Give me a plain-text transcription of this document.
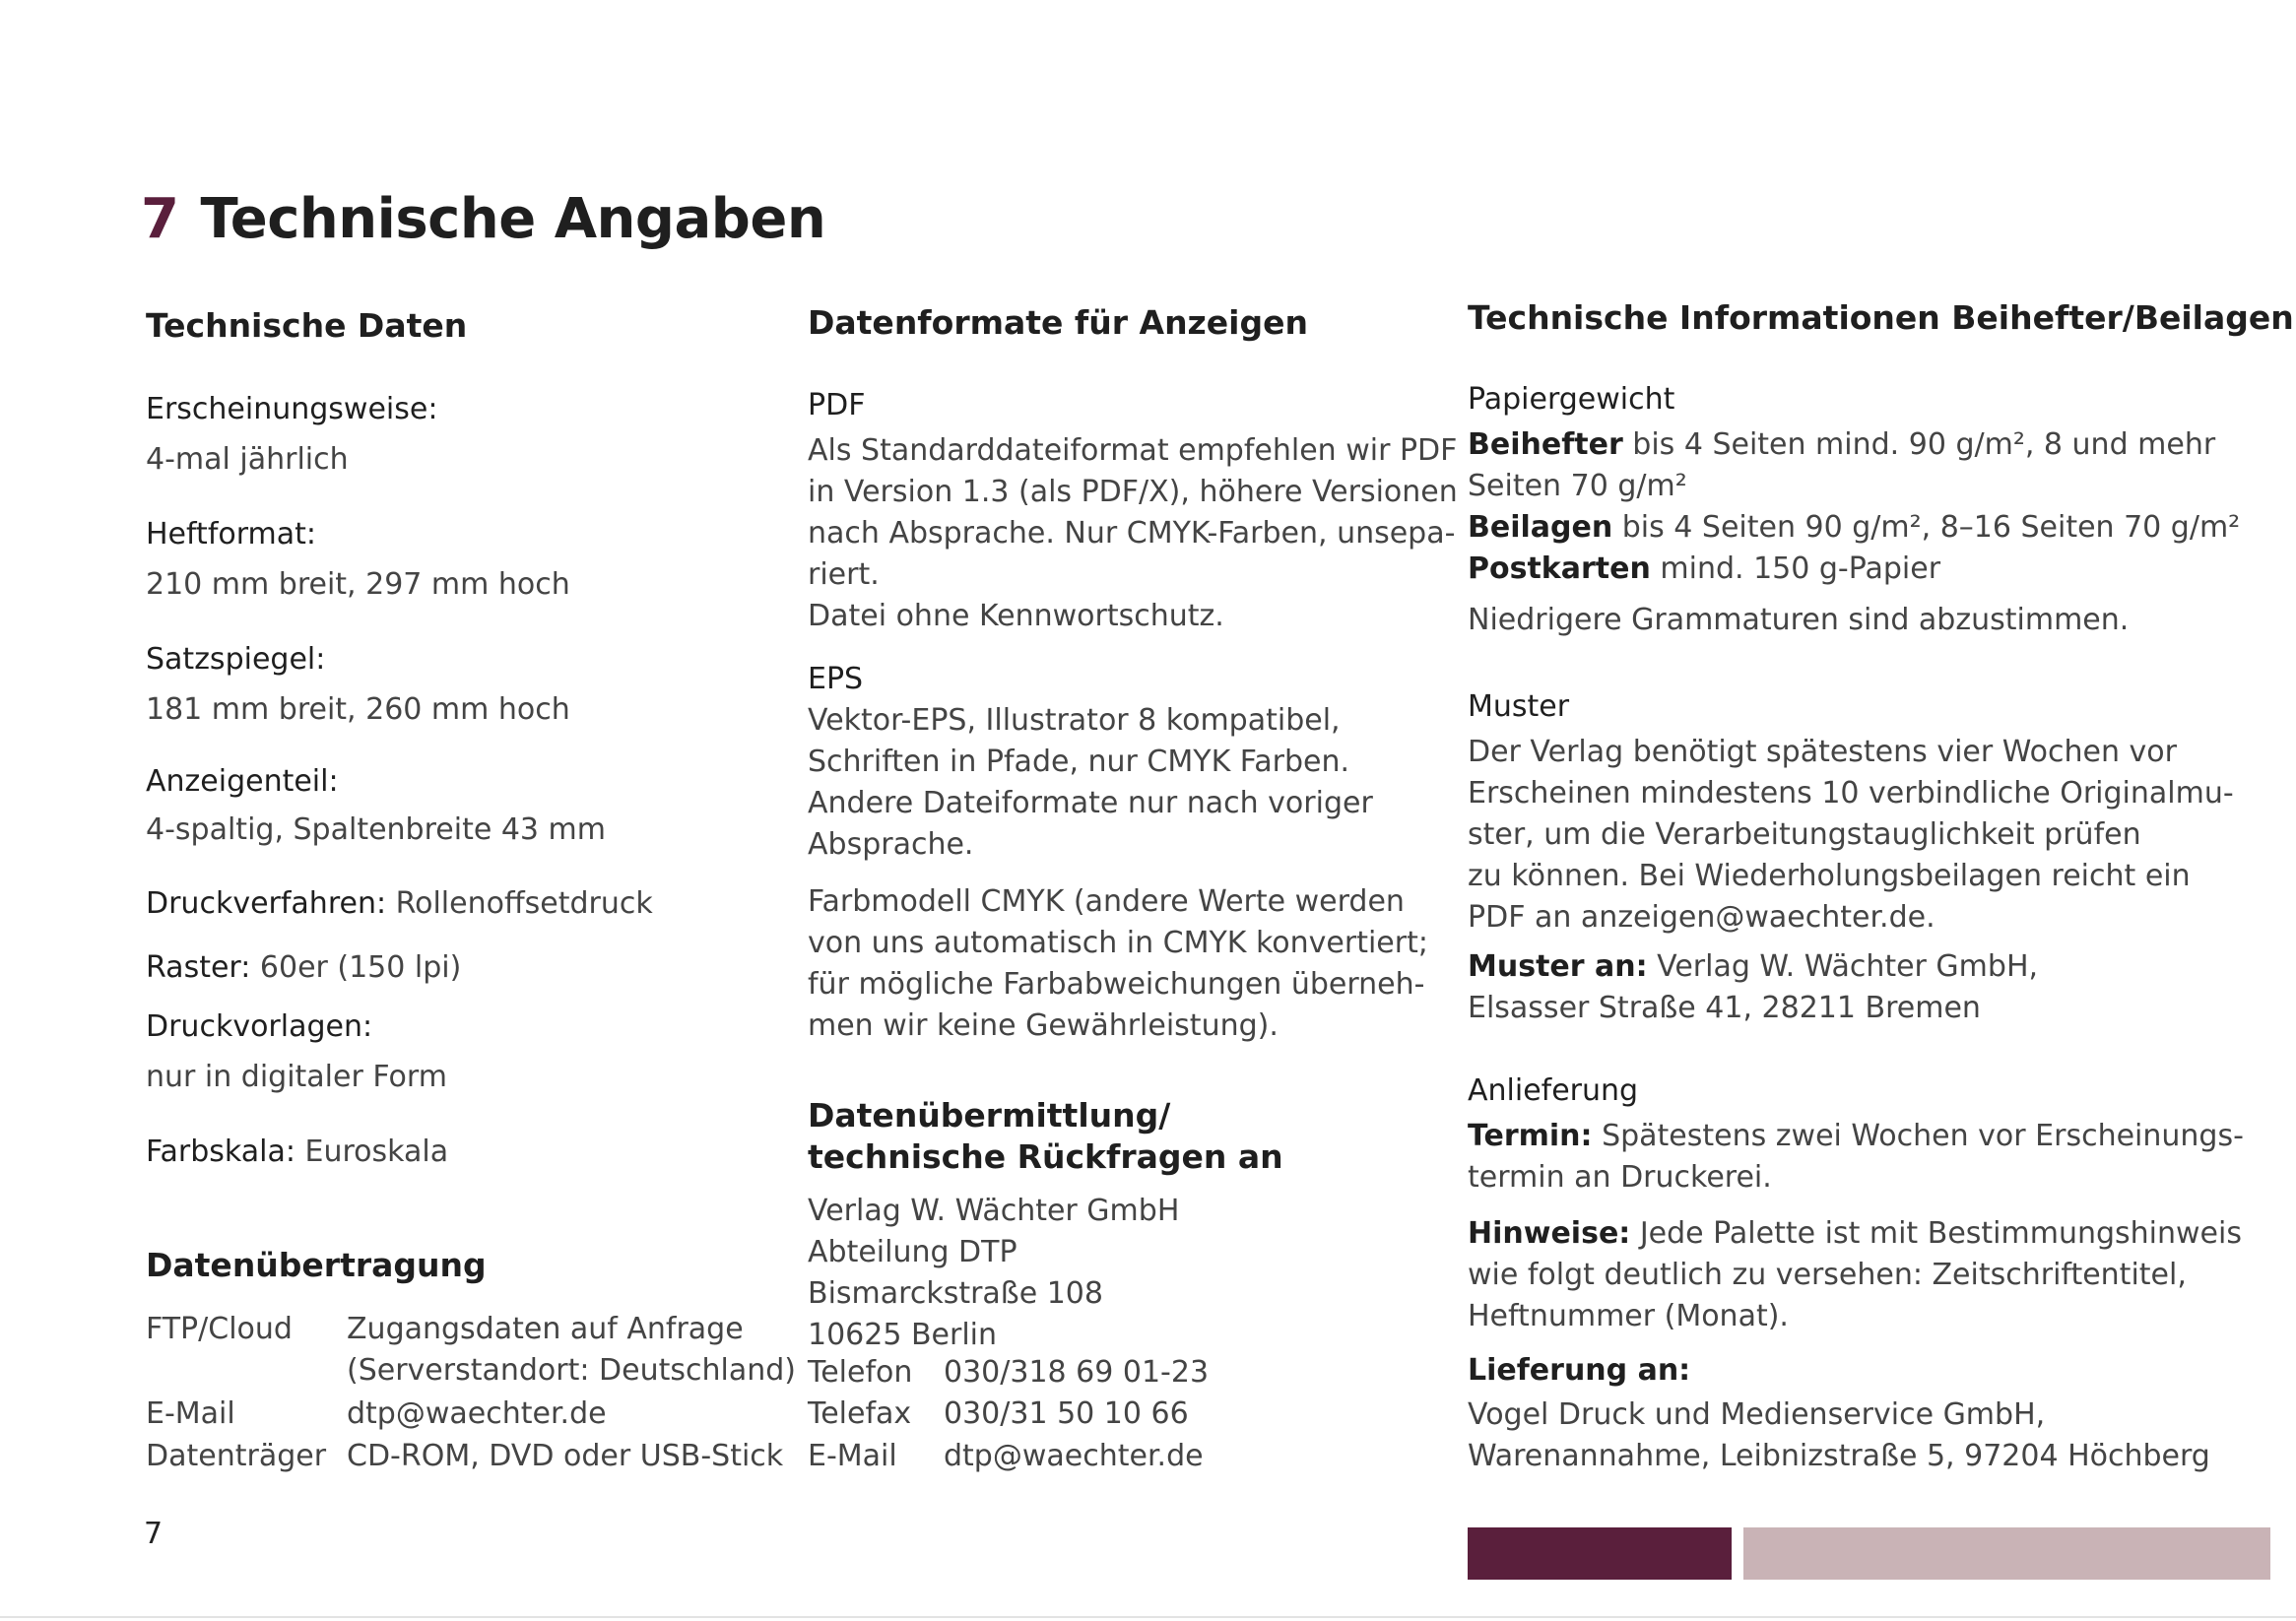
7 Technische Angaben
Technische Daten
Erscheinungsweise:
4-mal jährlich
Heftformat:
210 mm breit, 297 mm hoch
Satzspiegel:
181 mm breit, 260 mm hoch
Anzeigenteil:
4-spaltig, Spaltenbreite 43 mm
Druckverfahren: Rollenoffsetdruck
Raster: 60er (150 lpi)
Druckvorlagen:
nur in digitaler Form
Farbskala: Euroskala
Datenübertragung
FTP/Cloud Zugangsdaten auf Anfrage
(Serverstandort: Deutschland)
E-Mail	dtp@waechter.de
Datenträger CD-ROM, DVD oder USB-Stick
Datenformate für Anzeigen
PDF
Als Standarddateiformat empfehlen wir PDF
in Version 1.3 (als PDF/X), höhere Versionen
nach Absprache. Nur CMYK-Farben, unsepa-
riert.
Datei ohne Kennwortschutz.
EPS
Vektor-EPS, Illustrator 8 kompatibel,
Schriften in Pfade, nur CMYK Farben.
Andere Dateiformate nur nach voriger
Absprache.
Farbmodell CMYK (andere Werte werden
von uns automatisch in CMYK konvertiert;
für mögliche Farbabweichungen überneh-
men wir keine Gewährleistung).
Datenübermittlung/
technische Rückfragen an
Verlag W. Wächter GmbH
Abteilung DTP
Bismarckstraße 108
10625 Berlin
Telefon 030/318 69 01-23
Telefax 030/31 50 10 66
E-Mail dtp@waechter.de
Technische Informationen Beihefter/Beilagen
Papiergewicht
Beihefter bis 4 Seiten mind. 90 g/m², 8 und mehr
Seiten 70 g/m²
Beilagen bis 4 Seiten 90 g/m², 8–16 Seiten 70 g/m²
Postkarten mind. 150 g-Papier
Niedrigere Grammaturen sind abzustimmen.
Muster
Der Verlag benötigt spätestens vier Wochen vor
Erscheinen mindestens 10 verbindliche Originalmu-
ster, um die Verarbeitungstauglichkeit prüfen
zu können. Bei Wiederholungsbeilagen reicht ein
PDF an anzeigen@waechter.de.
Muster an: Verlag W. Wächter GmbH,
Elsasser Straße 41, 28211 Bremen
Anlieferung
Termin: Spätestens zwei Wochen vor Erscheinungs-
termin an Druckerei.
Hinweise: Jede Palette ist mit Bestimmungshinweis
wie folgt deutlich zu versehen: Zeitschriftentitel,
Heftnummer (Monat).
Lieferung an:
Vogel Druck und Medienservice GmbH,
Warenannahme, Leibnizstraße 5, 97204 Höchberg
7
